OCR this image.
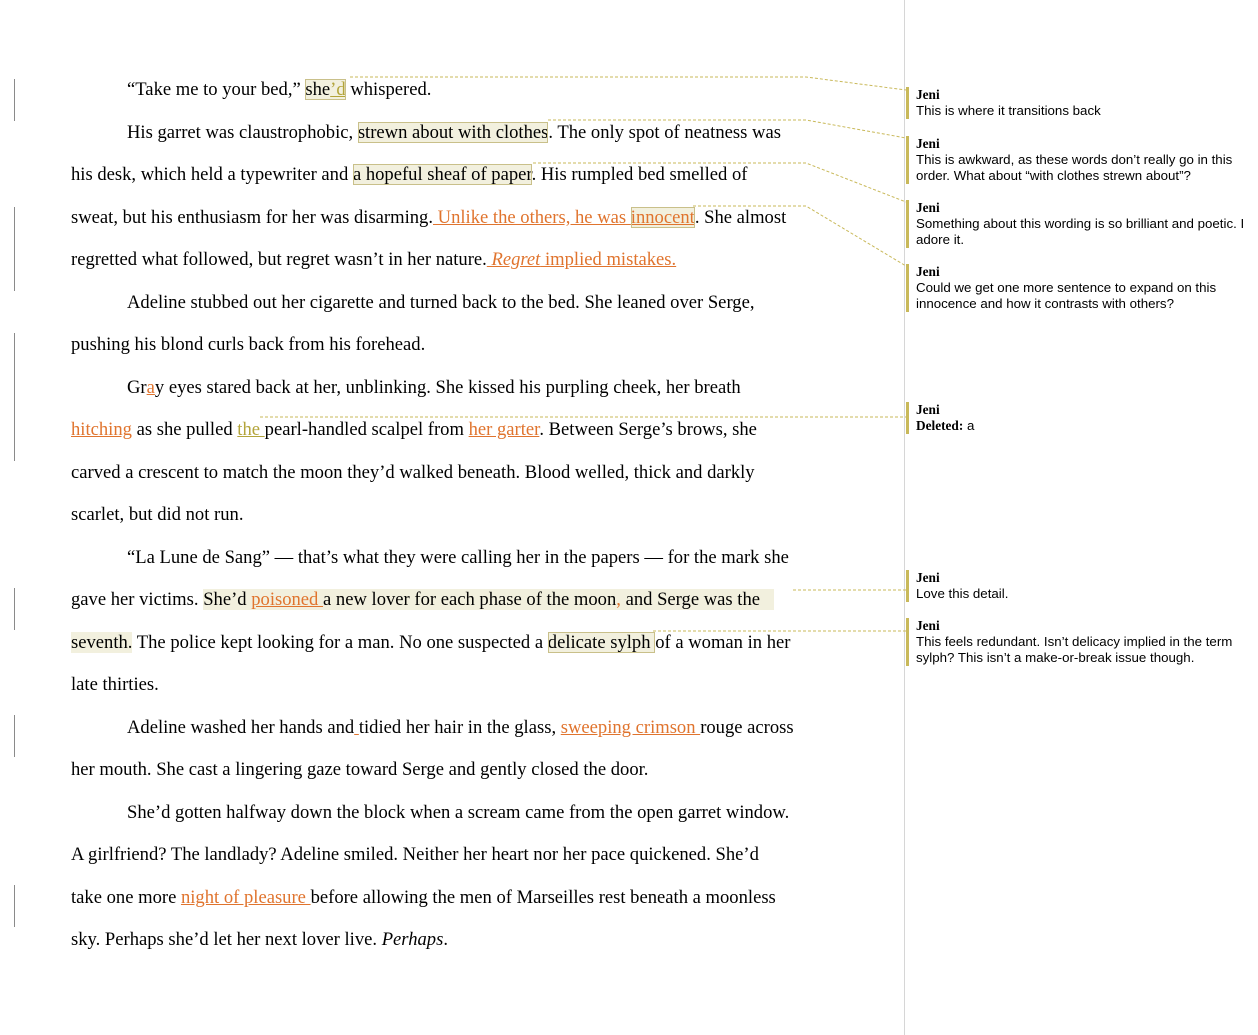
“Take me to your bed,” she’d whispered.
His garret was claustrophobic, strewn about with clothes. The only spot of neatness was
his desk, which held a typewriter and a hopeful sheaf of paper. His rumpled bed smelled of
sweat, but his enthusiasm for her was disarming. Unlike the others, he was innocent. She almost
regretted what followed, but regret wasn’t in her nature. Regret implied mistakes.
Adeline stubbed out her cigarette and turned back to the bed. She leaned over Serge,
pushing his blond curls back from his forehead.
Gray eyes stared back at her, unblinking. She kissed his purpling cheek, her breath
hitching as she pulled the pearl-handled scalpel from her garter. Between Serge’s brows, she
carved a crescent to match the moon they’d walked beneath. Blood welled, thick and darkly
scarlet, but did not run.
“La Lune de Sang” — that’s what they were calling her in the papers — for the mark she
gave her victims. She’d poisoned a new lover for each phase of the moon, and Serge was the
seventh. The police kept looking for a man. No one suspected a delicate sylph of a woman in her
late thirties.
Adeline washed her hands and tidied her hair in the glass, sweeping crimson rouge across
her mouth. She cast a lingering gaze toward Serge and gently closed the door.
She’d gotten halfway down the block when a scream came from the open garret window.
A girlfriend? The landlady? Adeline smiled. Neither her heart nor her pace quickened. She’d
take one more night of pleasure before allowing the men of Marseilles rest beneath a moonless
sky. Perhaps she’d let her next lover live. Perhaps.
Jeni
This is where it transitions back
Jeni
This is awkward, as these words don’t really go in this order. What about “with clothes strewn about”?
Jeni
Something about this wording is so brilliant and poetic. I adore it.
Jeni
Could we get one more sentence to expand on this innocence and how it contrasts with others?
Jeni
Deleted: a
Jeni
Love this detail.
Jeni
This feels redundant. Isn’t delicacy implied in the term sylph? This isn’t a make-or-break issue though.
